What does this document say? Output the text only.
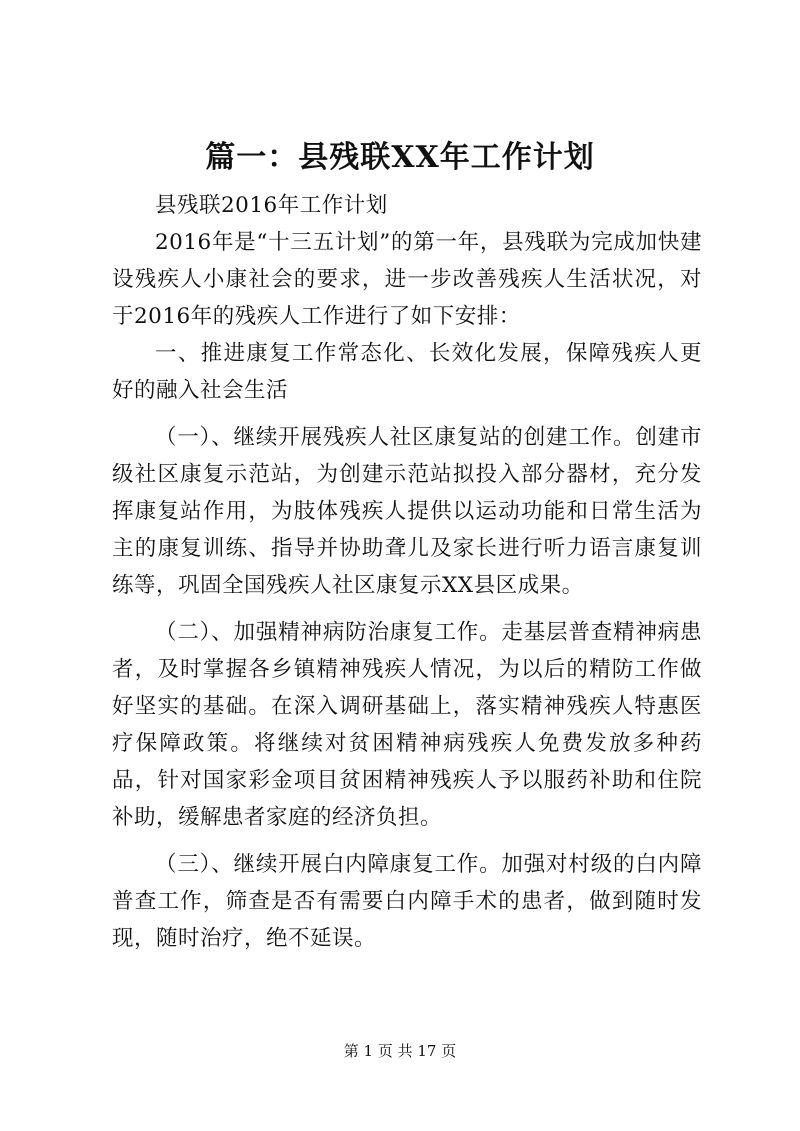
篇一：县残联XX年工作计划

县残联2016年工作计划

2016年是“十三五计划”的第一年，县残联为完成加快建设残疾人小康社会的要求，进一步改善残疾人生活状况，对于2016年的残疾人工作进行了如下安排：

一、推进康复工作常态化、长效化发展，保障残疾人更好的融入社会生活

（一）、继续开展残疾人社区康复站的创建工作。创建市级社区康复示范站，为创建示范站拟投入部分器材，充分发挥康复站作用，为肢体残疾人提供以运动功能和日常生活为主的康复训练、指导并协助聋儿及家长进行听力语言康复训练等，巩固全国残疾人社区康复示XX县区成果。

（二）、加强精神病防治康复工作。走基层普查精神病患者，及时掌握各乡镇精神残疾人情况，为以后的精防工作做好坚实的基础。在深入调研基础上，落实精神残疾人特惠医疗保障政策。将继续对贫困精神病残疾人免费发放多种药品，针对国家彩金项目贫困精神残疾人予以服药补助和住院补助，缓解患者家庭的经济负担。

（三）、继续开展白内障康复工作。加强对村级的白内障普查工作，筛查是否有需要白内障手术的患者，做到随时发现，随时治疗，绝不延误。

第 1 页 共 17 页
